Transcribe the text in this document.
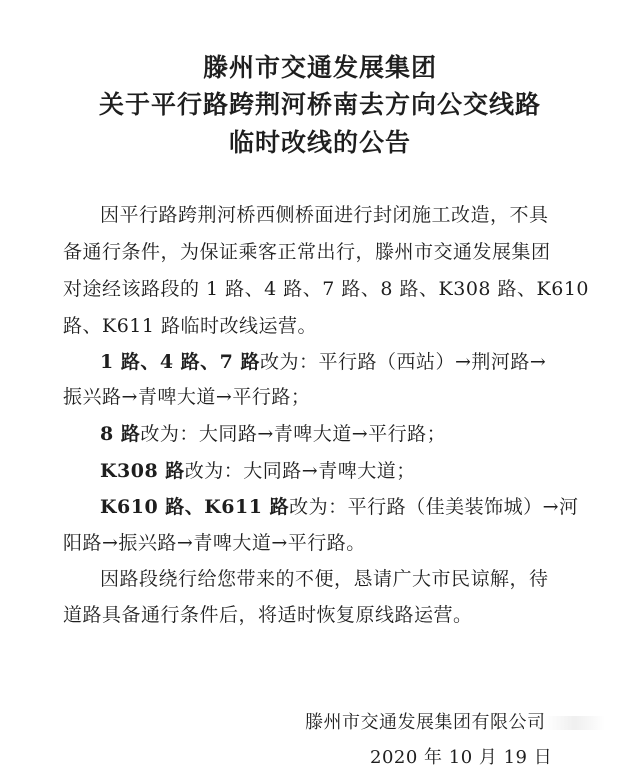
滕州市交通发展集团
关于平行路跨荆河桥南去方向公交线路
临时改线的公告
因平行路跨荆河桥西侧桥面进行封闭施工改造，不具
备通行条件，为保证乘客正常出行，滕州市交通发展集团
对途经该路段的 1 路、4 路、7 路、8 路、K308 路、K610
路、K611 路临时改线运营。
1 路、4 路、7 路改为：平行路（西站）→荆河路→
振兴路→青啤大道→平行路；
8 路改为：大同路→青啤大道→平行路；
K308 路改为：大同路→青啤大道；
K610 路、K611 路改为：平行路（佳美装饰城）→河
阳路→振兴路→青啤大道→平行路。
因路段绕行给您带来的不便，恳请广大市民谅解，待
道路具备通行条件后，将适时恢复原线路运营。
滕州市交通发展集团有限公司
2020 年 10 月 19 日
